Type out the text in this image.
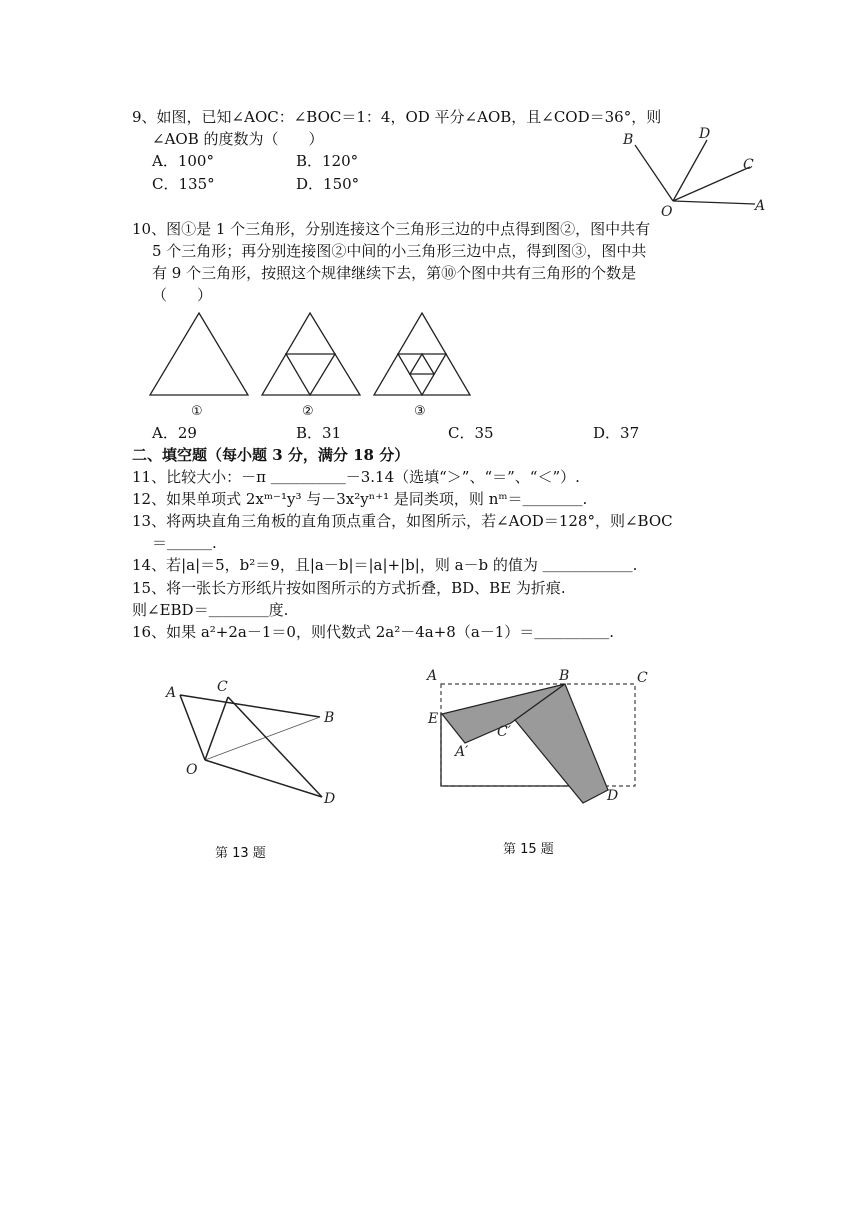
9、如图，已知∠AOC：∠BOC＝1：4，OD 平分∠AOB，且∠COD＝36°，则
∠AOB 的度数为（　　）
A．100°	B．120°
C．135°	D．150°
B	D
C
A
O
10、图①是 1 个三角形，分别连接这个三角形三边的中点得到图②，图中共有
5 个三角形；再分别连接图②中间的小三角形三边中点，得到图③，图中共
有 9 个三角形，按照这个规律继续下去，第⑩个图中共有三角形的个数是
（　　）
①	②	③
A．29	B．31	C．35	D．37
二、填空题（每小题 3 分，满分 18 分）
11、比较大小：－π ＿＿＿＿＿－3.14（选填“＞”、“＝”、“＜”）.
12、如果单项式 2xᵐ⁻¹y³ 与－3x²yⁿ⁺¹ 是同类项，则 nᵐ＝＿＿＿＿.
13、将两块直角三角板的直角顶点重合，如图所示，若∠AOD＝128°，则∠BOC
＝＿＿＿.
14、若|a|＝5，b²＝9，且|a－b|＝|a|+|b|，则 a－b 的值为 ＿＿＿＿＿＿.
15、将一张长方形纸片按如图所示的方式折叠，BD、BE 为折痕.
则∠EBD＝＿＿＿＿度.
16、如果 a²+2a－1＝0，则代数式 2a²－4a+8（a－1）＝＿＿＿＿＿.
A	C
B
O
D
第 13 题
A	B	C
E
C′
A′
D
第 15 题
